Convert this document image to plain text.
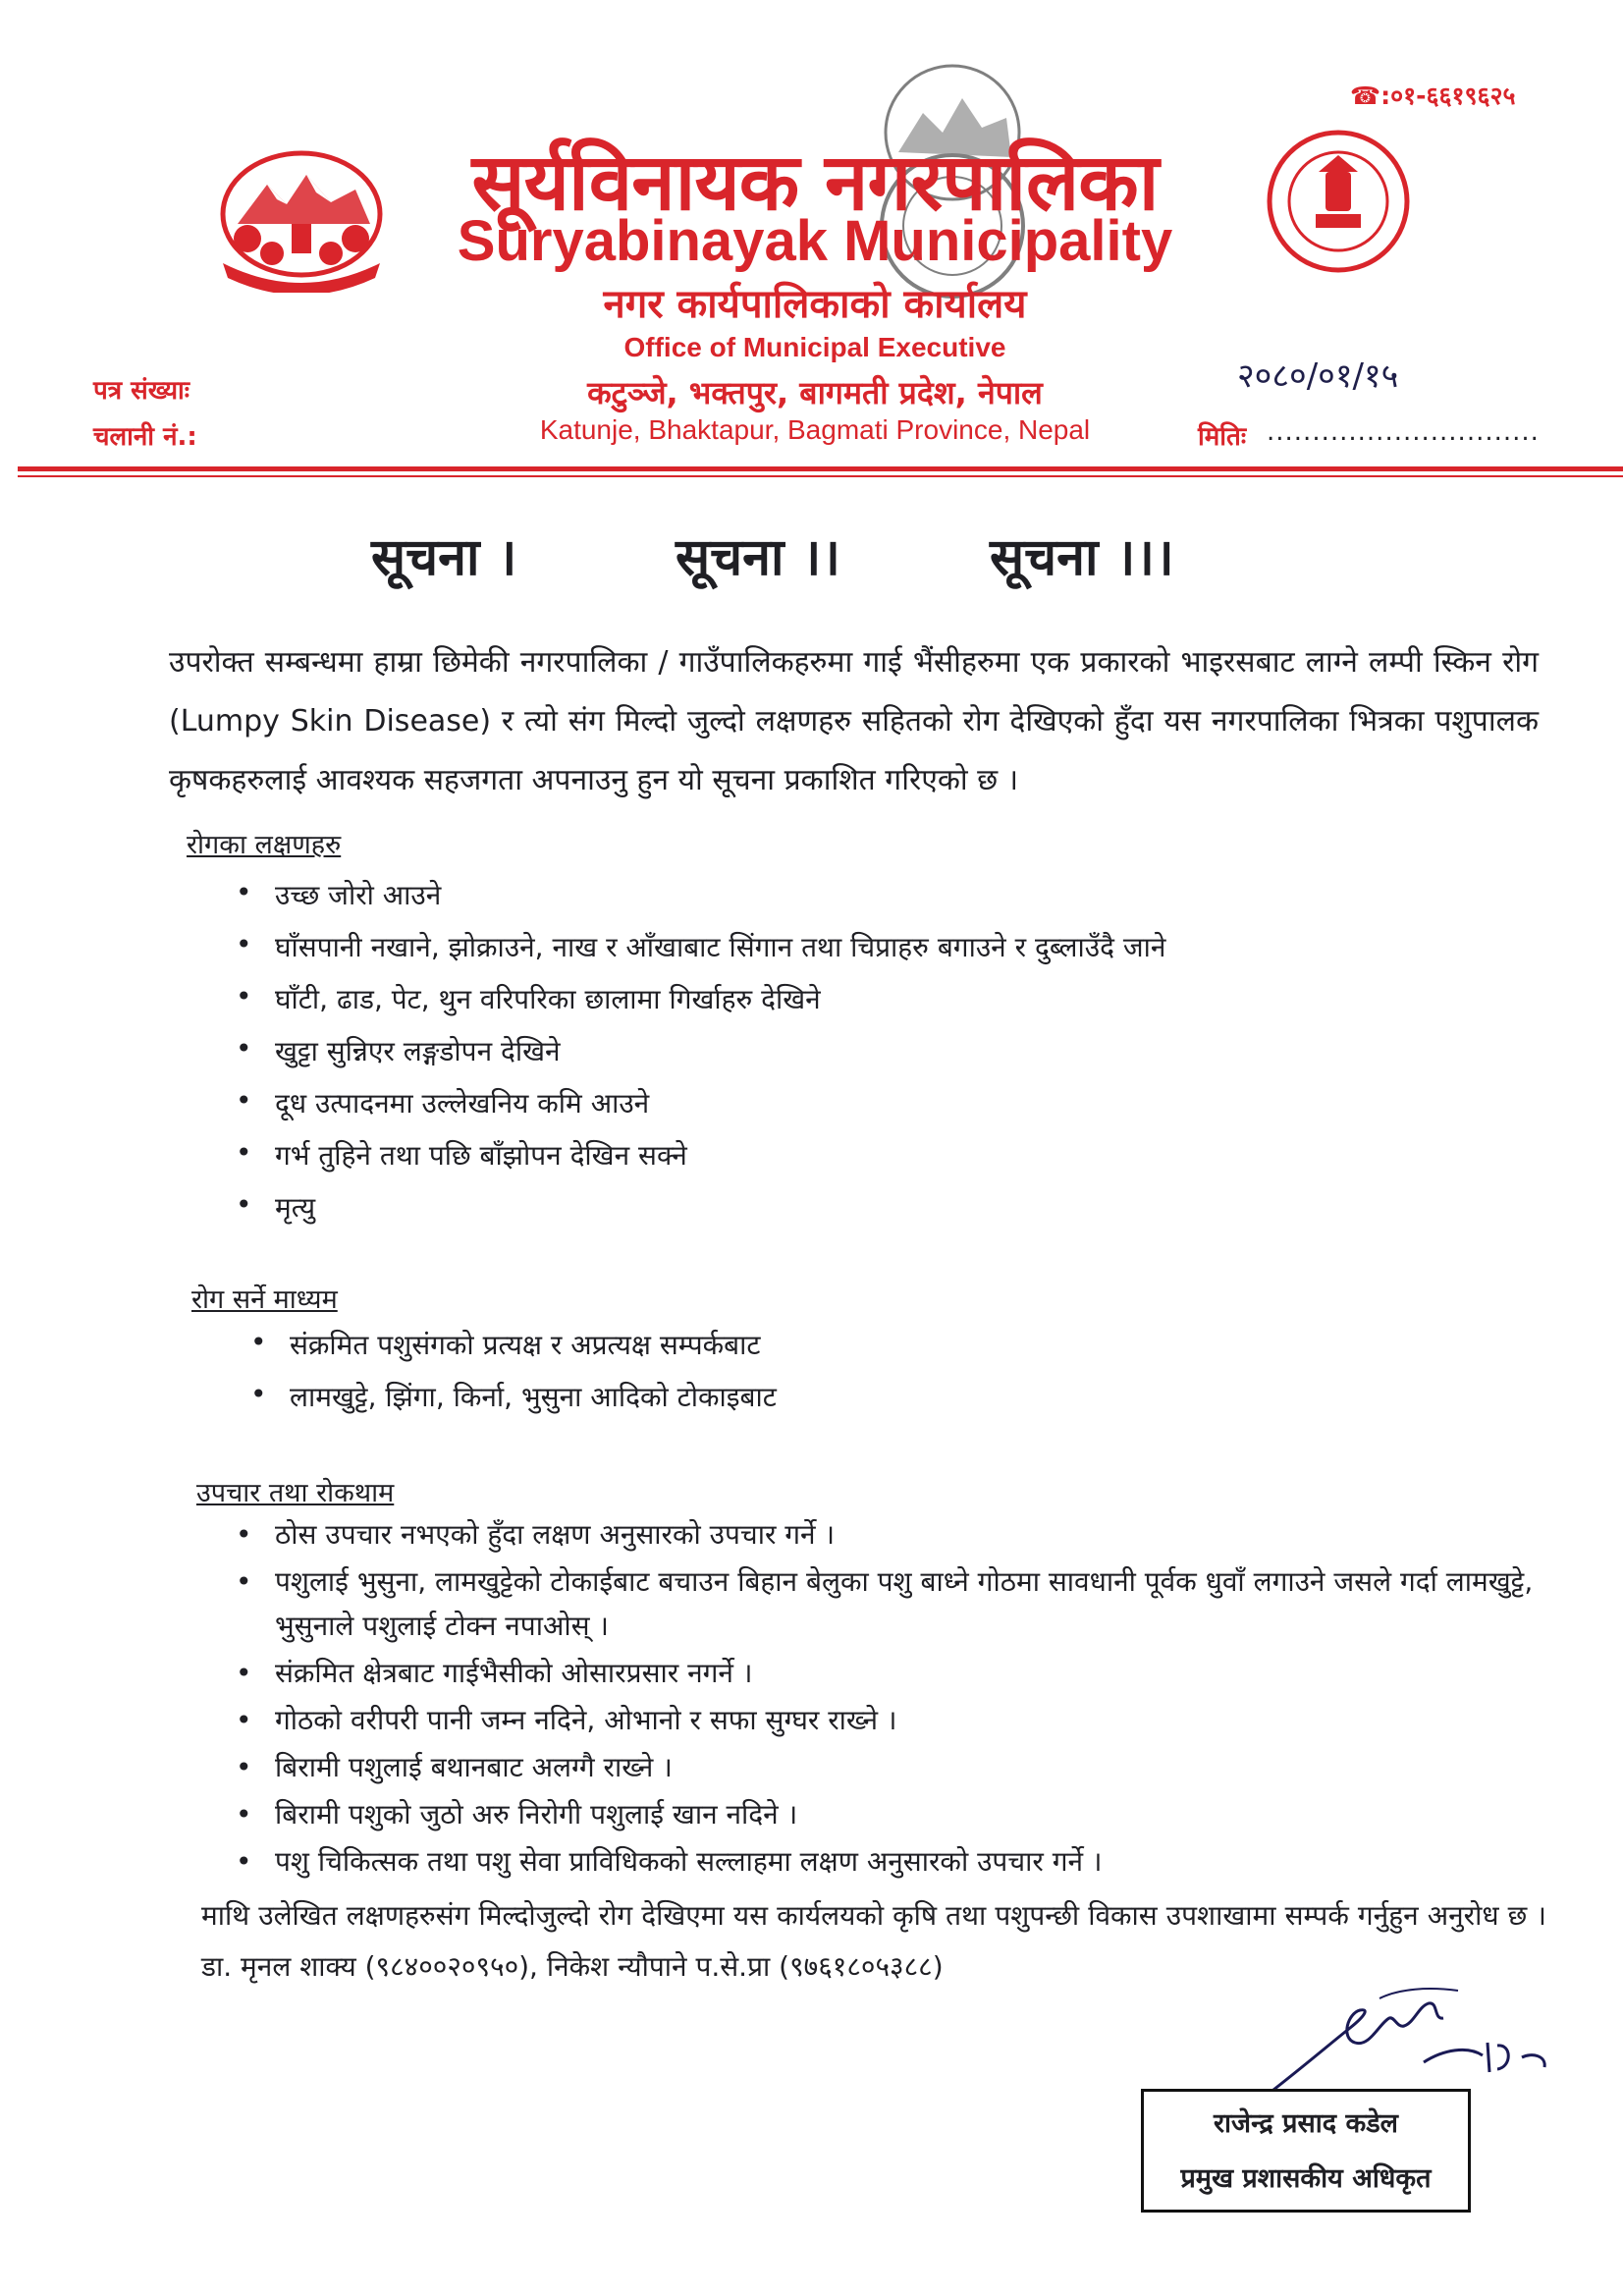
☎:०१-६६१९६२५
सूर्यविनायक नगरपालिका
Suryabinayak Municipality
नगर कार्यपालिकाको कार्यालय
Office of Municipal Executive
कटुञ्जे, भक्तपुर, बागमती प्रदेश, नेपाल
Katunje, Bhaktapur, Bagmati Province, Nepal
पत्र संख्याः
चलानी नं.:
२०८०/०१/१५
मितिः ..............................
सूचना ।	सूचना ।।	सूचना ।।।
उपरोक्त सम्बन्धमा हाम्रा छिमेकी नगरपालिका / गाउँपालिकहरुमा गाई भैंसीहरुमा एक प्रकारको भाइरसबाट लाग्ने लम्पी स्किन रोग (Lumpy Skin Disease) र त्यो संग मिल्दो जुल्दो लक्षणहरु सहितको रोग देखिएको हुँदा यस नगरपालिका भित्रका पशुपालक कृषकहरुलाई आवश्यक सहजगता अपनाउनु हुन यो सूचना प्रकाशित गरिएको छ ।
रोगका लक्षणहरु
• उच्छ जोरो आउने
• घाँसपानी नखाने, झोक्राउने, नाख र आँखाबाट सिंगान तथा चिप्राहरु बगाउने र दुब्लाउँदै जाने
• घाँटी, ढाड, पेट, थुन वरिपरिका छालामा गिर्खाहरु देखिने
• खुट्टा सुन्निएर लङ्गडोपन देखिने
• दूध उत्पादनमा उल्लेखनिय कमि आउने
• गर्भ तुहिने तथा पछि बाँझोपन देखिन सक्ने
• मृत्यु
रोग सर्ने माध्यम
• संक्रमित पशुसंगको प्रत्यक्ष र अप्रत्यक्ष सम्पर्कबाट
• लामखुट्टे, झिंगा, किर्ना, भुसुना आदिको टोकाइबाट
उपचार तथा रोकथाम
• ठोस उपचार नभएको हुँदा लक्षण अनुसारको उपचार गर्ने ।
• पशुलाई भुसुना, लामखुट्टेको टोकाईबाट बचाउन बिहान बेलुका पशु बाध्ने गोठमा सावधानी पूर्वक धुवाँ लगाउने जसले गर्दा लामखुट्टे, भुसुनाले पशुलाई टोक्न नपाओस् ।
• संक्रमित क्षेत्रबाट गाईभैसीको ओसारप्रसार नगर्ने ।
• गोठको वरीपरी पानी जम्न नदिने, ओभानो र सफा सुग्घर राख्ने ।
• बिरामी पशुलाई बथानबाट अलग्गै राख्ने ।
• बिरामी पशुको जुठो अरु निरोगी पशुलाई खान नदिने ।
• पशु चिकित्सक तथा पशु सेवा प्राविधिकको सल्लाहमा लक्षण अनुसारको उपचार गर्ने ।
माथि उलेखित लक्षणहरुसंग मिल्दोजुल्दो रोग देखिएमा यस कार्यलयको कृषि तथा पशुपन्छी विकास उपशाखामा सम्पर्क गर्नुहुन अनुरोध छ । डा. मृनल शाक्य (९८४००२०९५०), निकेश न्यौपाने प.से.प्रा (९७६१८०५३८८)
राजेन्द्र प्रसाद कडेल
प्रमुख प्रशासकीय अधिकृत
